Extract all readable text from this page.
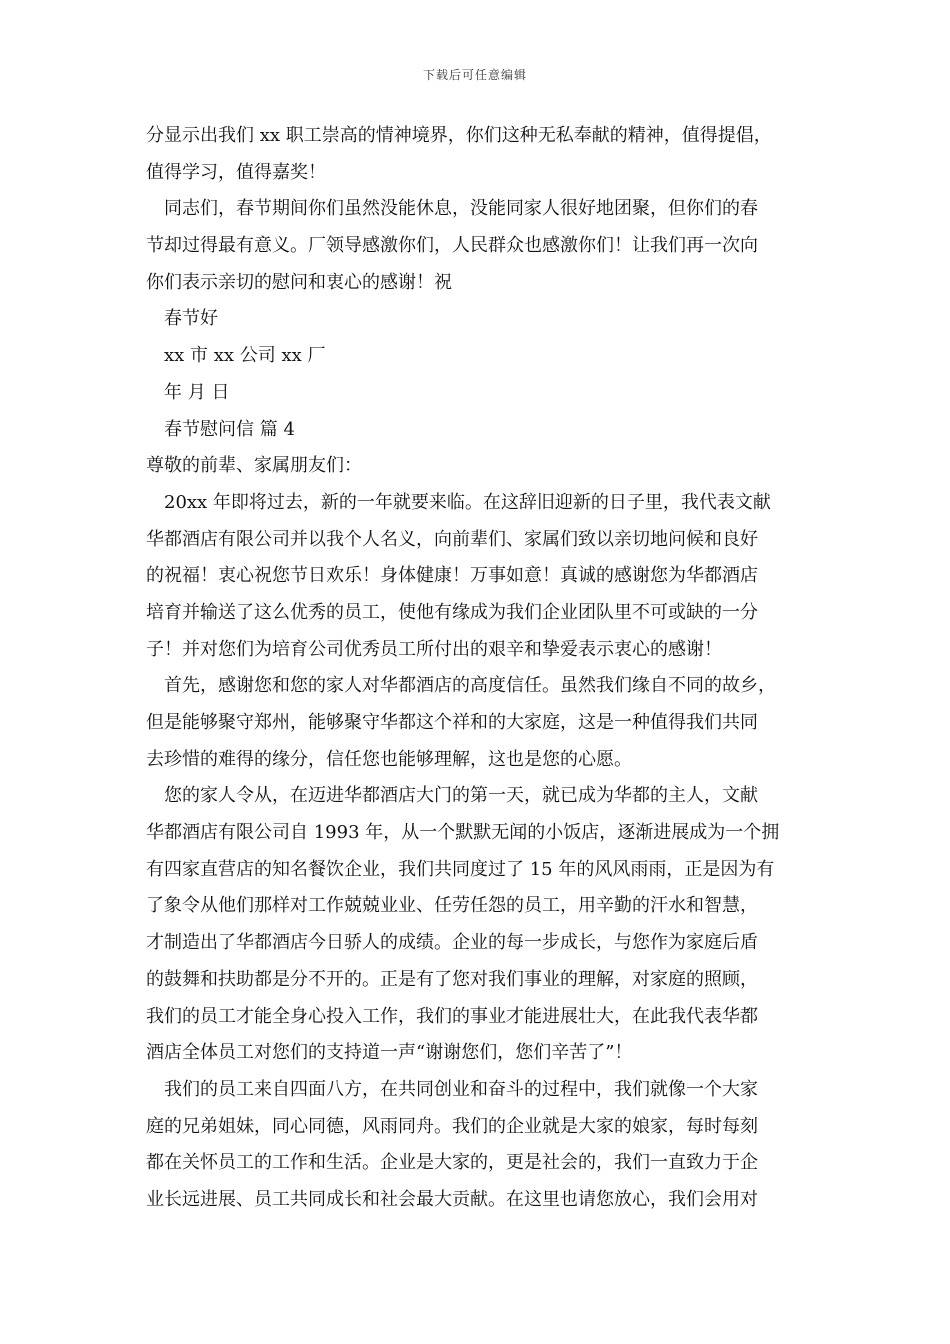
下载后可任意编辑
分显示出我们 xx 职工崇高的情神境界，你们这种无私奉献的精神，值得提倡，
值得学习，值得嘉奖！
同志们，春节期间你们虽然没能休息，没能同家人很好地团聚，但你们的春
节却过得最有意义。厂领导感激你们，人民群众也感激你们！让我们再一次向
你们表示亲切的慰问和衷心的感谢！祝
春节好
xx 市 xx 公司 xx 厂
年 月 日
春节慰问信 篇 4
尊敬的前辈、家属朋友们：
20xx 年即将过去，新的一年就要来临。在这辞旧迎新的日子里，我代表文献
华都酒店有限公司并以我个人名义，向前辈们、家属们致以亲切地问候和良好
的祝福！衷心祝您节日欢乐！身体健康！万事如意！真诚的感谢您为华都酒店
培育并输送了这么优秀的员工，使他有缘成为我们企业团队里不可或缺的一分
子！并对您们为培育公司优秀员工所付出的艰辛和挚爱表示衷心的感谢！
首先，感谢您和您的家人对华都酒店的高度信任。虽然我们缘自不同的故乡，
但是能够聚守郑州，能够聚守华都这个祥和的大家庭，这是一种值得我们共同
去珍惜的难得的缘分，信任您也能够理解，这也是您的心愿。
您的家人令从，在迈进华都酒店大门的第一天，就已成为华都的主人，文献
华都酒店有限公司自 1993 年，从一个默默无闻的小饭店，逐渐进展成为一个拥
有四家直营店的知名餐饮企业，我们共同度过了 15 年的风风雨雨，正是因为有
了象令从他们那样对工作兢兢业业、任劳任怨的员工，用辛勤的汗水和智慧，
才制造出了华都酒店今日骄人的成绩。企业的每一步成长，与您作为家庭后盾
的鼓舞和扶助都是分不开的。正是有了您对我们事业的理解，对家庭的照顾，
我们的员工才能全身心投入工作，我们的事业才能进展壮大，在此我代表华都
酒店全体员工对您们的支持道一声“谢谢您们，您们辛苦了”！
我们的员工来自四面八方，在共同创业和奋斗的过程中，我们就像一个大家
庭的兄弟姐妹，同心同德，风雨同舟。我们的企业就是大家的娘家，每时每刻
都在关怀员工的工作和生活。企业是大家的，更是社会的，我们一直致力于企
业长远进展、员工共同成长和社会最大贡献。在这里也请您放心，我们会用对
